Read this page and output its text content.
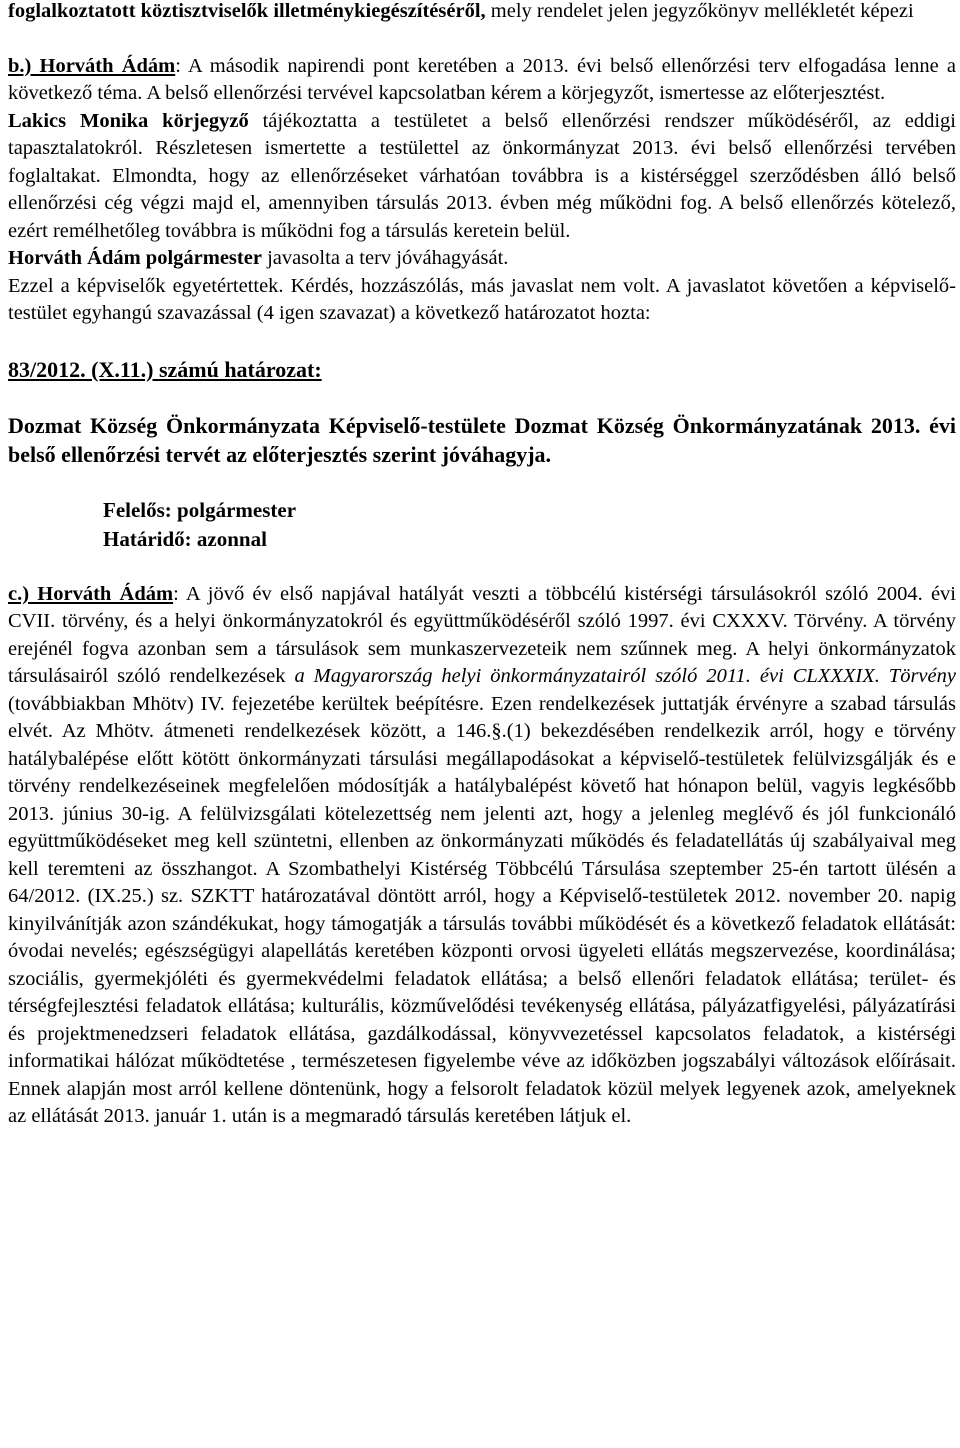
foglalkoztatott köztisztviselők illetménykiegészítéséről, mely rendelet jelen jegyzőkönyv mellékletét képezi

b.) Horváth Ádám: A második napirendi pont keretében a 2013. évi belső ellenőrzési terv elfogadása lenne a következő téma. A belső ellenőrzési tervével kapcsolatban kérem a körjegyzőt, ismertesse az előterjesztést.

Lakics Monika körjegyző tájékoztatta a testületet a belső ellenőrzési rendszer működéséről, az eddigi tapasztalatokról. Részletesen ismertette a testülettel az önkormányzat 2013. évi belső ellenőrzési tervében foglaltakat. Elmondta, hogy az ellenőrzéseket várhatóan továbbra is a kistérséggel szerződésben álló belső ellenőrzési cég végzi majd el, amennyiben társulás 2013. évben még működni fog. A belső ellenőrzés kötelező, ezért remélhetőleg továbbra is működni fog a társulás keretein belül.

Horváth Ádám polgármester javasolta a terv jóváhagyását.

Ezzel a képviselők egyetértettek. Kérdés, hozzászólás, más javaslat nem volt. A javaslatot követően a képviselő-testület egyhangú szavazással (4 igen szavazat) a következő határozatot hozta:

83/2012. (X.11.) számú határozat:

Dozmat Község Önkormányzata Képviselő-testülete Dozmat Község Önkormányzatának 2013. évi belső ellenőrzési tervét az előterjesztés szerint jóváhagyja.

Felelős: polgármester
Határidő: azonnal

c.) Horváth Ádám: A jövő év első napjával hatályát veszti a többcélú kistérségi társulásokról szóló 2004. évi CVII. törvény, és a helyi önkormányzatokról és együttműködéséről szóló 1997. évi CXXXV. Törvény. A törvény erejénél fogva azonban sem a társulások sem munkaszervezeteik nem szűnnek meg. A helyi önkormányzatok társulásairól szóló rendelkezések a Magyarország helyi önkormányzatairól szóló 2011. évi CLXXXIX. Törvény (továbbiakban Mhötv) IV. fejezetébe kerültek beépítésre. Ezen rendelkezések juttatják érvényre a szabad társulás elvét. Az Mhötv. átmeneti rendelkezések között, a 146.§.(1) bekezdésében rendelkezik arról, hogy e törvény hatálybalépése előtt kötött önkormányzati társulási megállapodásokat a képviselő-testületek felülvizsgálják és e törvény rendelkezéseinek megfelelően módosítják a hatálybalépést követő hat hónapon belül, vagyis legkésőbb 2013. június 30-ig. A felülvizsgálati kötelezettség nem jelenti azt, hogy a jelenleg meglévő és jól funkcionáló együttműködéseket meg kell szüntetni, ellenben az önkormányzati működés és feladatellátás új szabályaival meg kell teremteni az összhangot. A Szombathelyi Kistérség Többcélú Társulása szeptember 25-én tartott ülésén a 64/2012. (IX.25.) sz. SZKTT határozatával döntött arról, hogy a Képviselő-testületek 2012. november 20. napig kinyilvánítják azon szándékukat, hogy támogatják a társulás további működését és a következő feladatok ellátását: óvodai nevelés; egészségügyi alapellátás keretében központi orvosi ügyeleti ellátás megszervezése, koordinálása; szociális, gyermekjóléti és gyermekvédelmi feladatok ellátása; a belső ellenőri feladatok ellátása; terület- és térségfejlesztési feladatok ellátása; kulturális, közművelődési tevékenység ellátása, pályázatfigyelési, pályázatírási és projektmenedzseri feladatok ellátása, gazdálkodással, könyvvezetéssel kapcsolatos feladatok, a kistérségi informatikai hálózat működtetése , természetesen figyelembe véve az időközben jogszabályi változások előírásait. Ennek alapján most arról kellene döntenünk, hogy a felsorolt feladatok közül melyek legyenek azok, amelyeknek az ellátását 2013. január 1. után is a megmaradó társulás keretében látjuk el.
